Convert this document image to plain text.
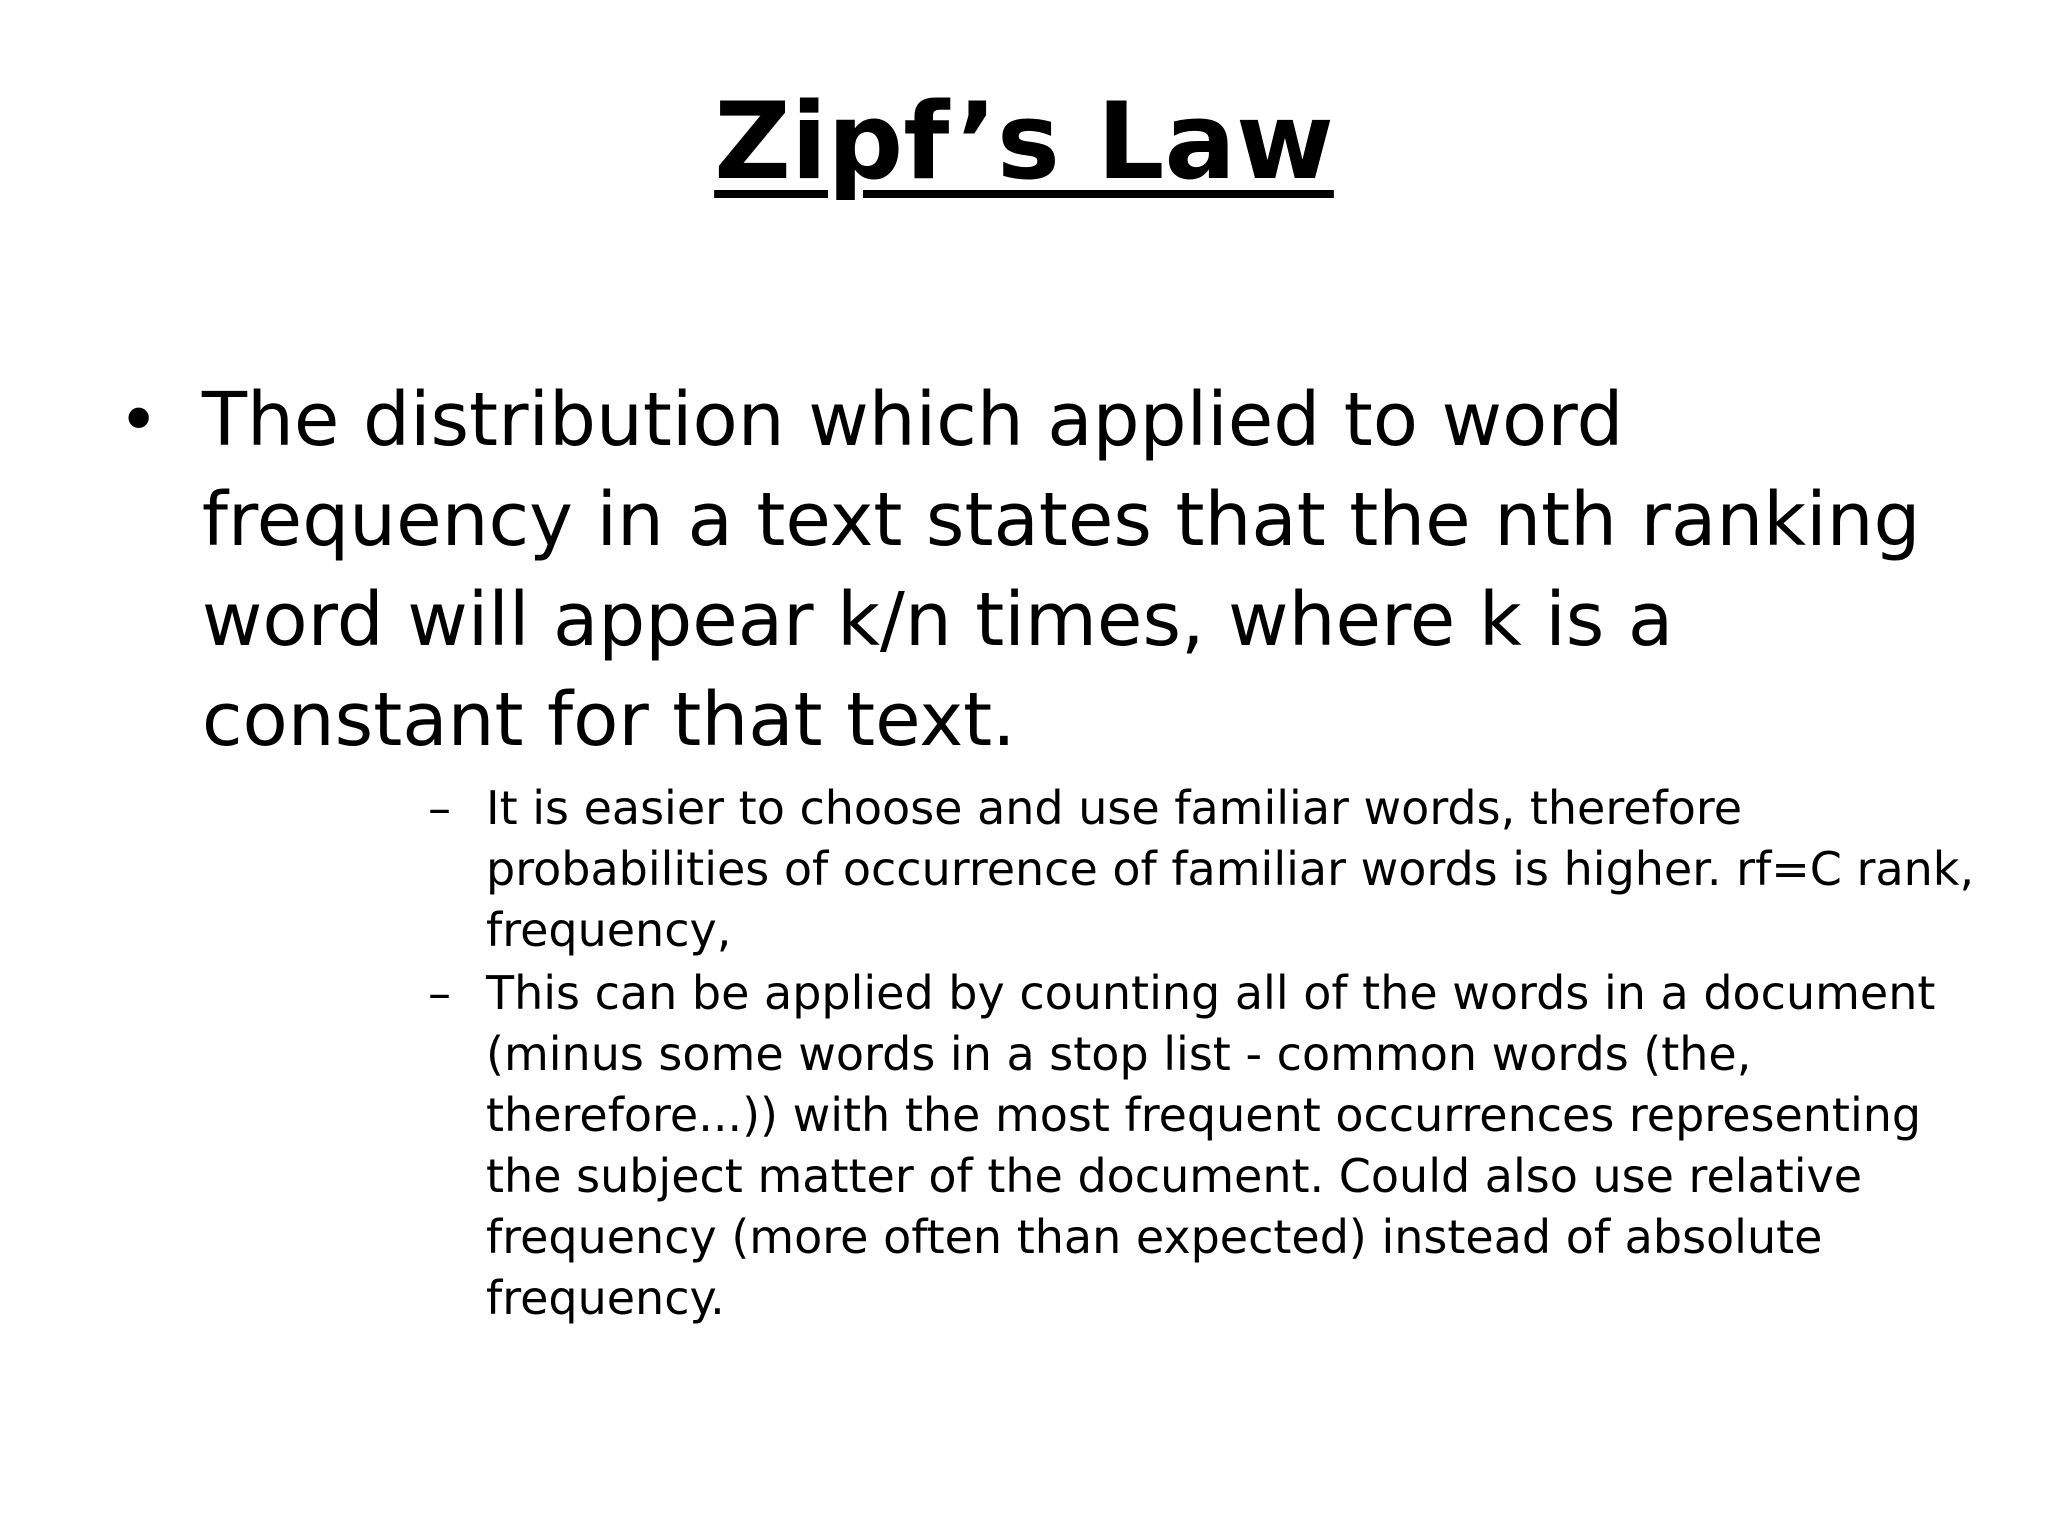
Zipf’s Law
• The distribution which applied to word frequency in a text states that the nth ranking word will appear k/n times, where k is a constant for that text.
– It is easier to choose and use familiar words, therefore probabilities of occurrence of familiar words is higher. rf=C rank, frequency,
– This can be applied by counting all of the words in a document (minus some words in a stop list - common words (the, therefore...)) with the most frequent occurrences representing the subject matter of the document. Could also use relative frequency (more often than expected) instead of absolute frequency.
